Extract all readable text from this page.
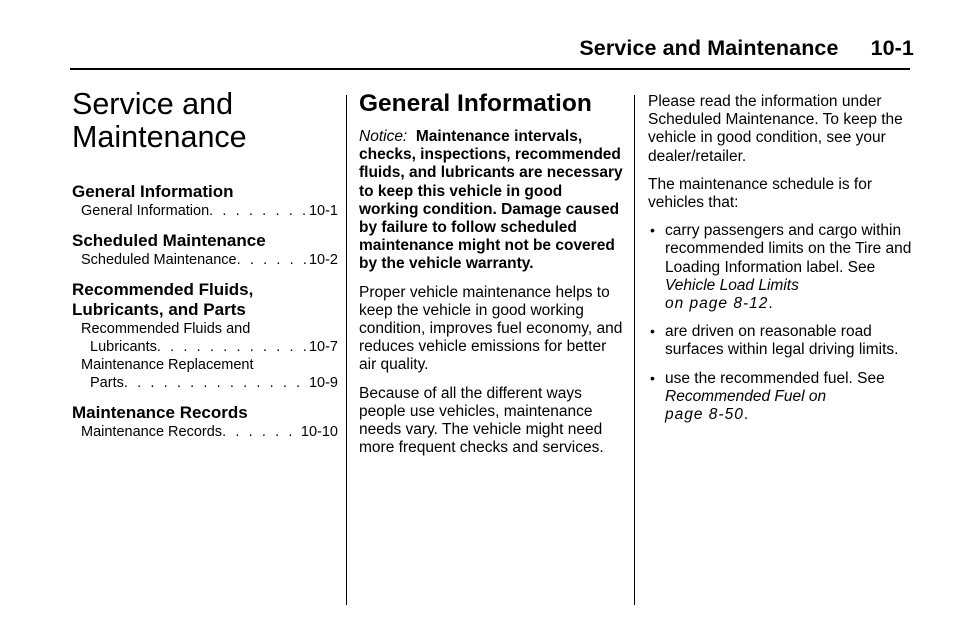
Service and Maintenance 10-1
Service and
Maintenance
General Information
General Information . . .	10-1
Scheduled Maintenance
Scheduled Maintenance . . .	10-2
Recommended Fluids,
Lubricants, and Parts
Recommended Fluids and
Lubricants . . .	10-7
Maintenance Replacement
Parts . . .	10-9
Maintenance Records
Maintenance Records . . .	10-10
General Information

Notice: Maintenance intervals, checks, inspections, recommended fluids, and lubricants are necessary to keep this vehicle in good working condition. Damage caused by failure to follow scheduled maintenance might not be covered by the vehicle warranty.

Proper vehicle maintenance helps to keep the vehicle in good working condition, improves fuel economy, and reduces vehicle emissions for better air quality.

Because of all the different ways people use vehicles, maintenance needs vary. The vehicle might need more frequent checks and services.

Please read the information under Scheduled Maintenance. To keep the vehicle in good condition, see your dealer/retailer.

The maintenance schedule is for vehicles that:

• carry passengers and cargo within recommended limits on the Tire and Loading Information label. See Vehicle Load Limits
on page 8-12.
• are driven on reasonable road surfaces within legal driving limits.
• use the recommended fuel. See Recommended Fuel on
page 8-50.
